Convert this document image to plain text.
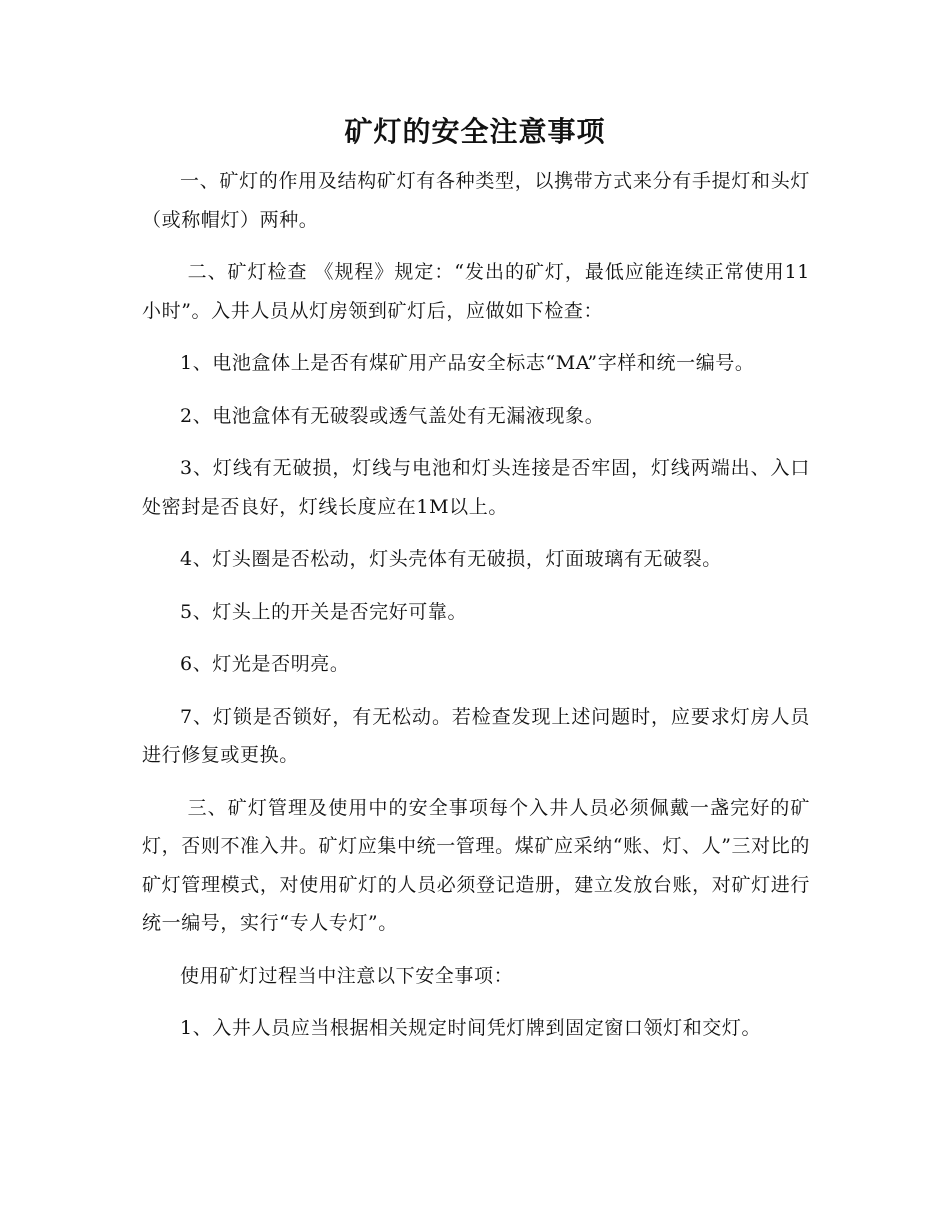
矿灯的安全注意事项

一、矿灯的作用及结构矿灯有各种类型，以携带方式来分有手提灯和头灯（或称帽灯）两种。

二、矿灯检查 《规程》规定：“发出的矿灯，最低应能连续正常使用11小时”。入井人员从灯房领到矿灯后，应做如下检查：

1、电池盒体上是否有煤矿用产品安全标志“MA”字样和统一编号。

2、电池盒体有无破裂或透气盖处有无漏液现象。

3、灯线有无破损，灯线与电池和灯头连接是否牢固，灯线两端出、入口处密封是否良好，灯线长度应在1M以上。

4、灯头圈是否松动，灯头壳体有无破损，灯面玻璃有无破裂。

5、灯头上的开关是否完好可靠。

6、灯光是否明亮。

7、灯锁是否锁好，有无松动。若检查发现上述问题时，应要求灯房人员进行修复或更换。

三、矿灯管理及使用中的安全事项每个入井人员必须佩戴一盏完好的矿灯，否则不准入井。矿灯应集中统一管理。煤矿应采纳“账、灯、人”三对比的矿灯管理模式，对使用矿灯的人员必须登记造册，建立发放台账，对矿灯进行统一编号，实行“专人专灯”。

使用矿灯过程当中注意以下安全事项：

1、入井人员应当根据相关规定时间凭灯牌到固定窗口领灯和交灯。
